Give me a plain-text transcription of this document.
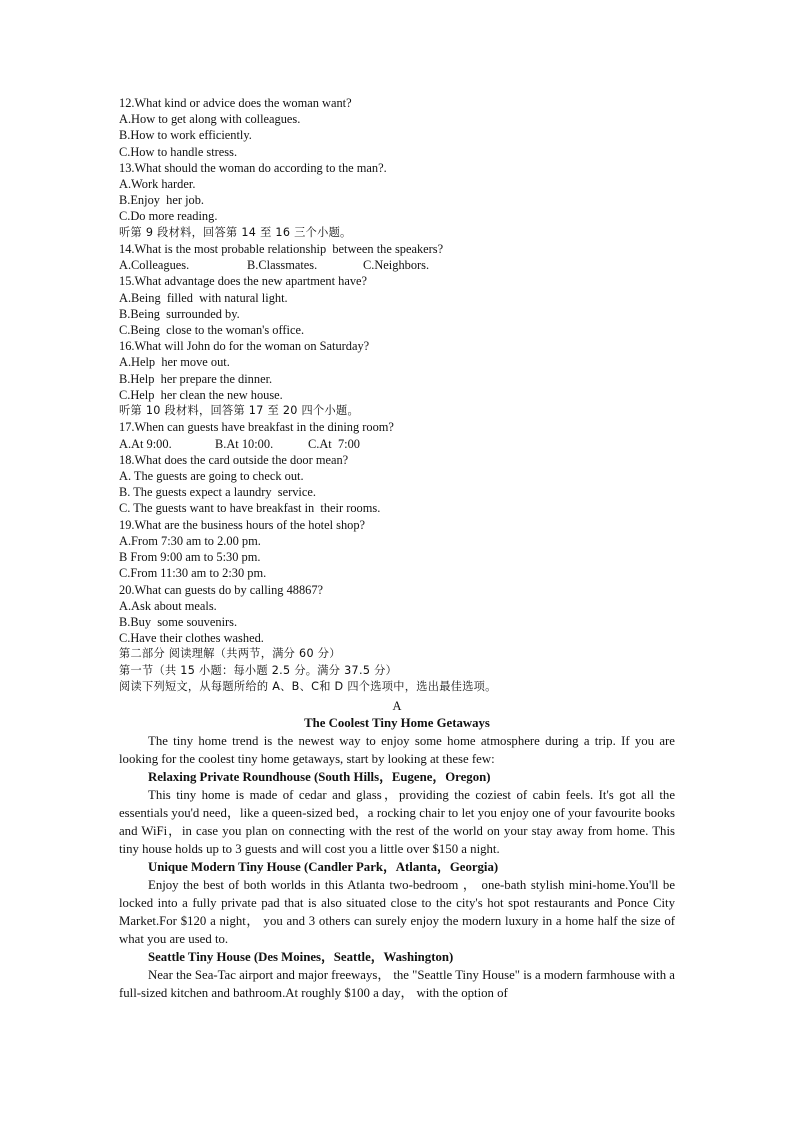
12.What kind or advice does the woman want?
A.How to get along with colleagues.
B.How to work efficiently.
C.How to handle stress.
13.What should the woman do according to the man?.
A.Work harder.
B.Enjoy  her job.
C.Do more reading.
听第 9 段材料，回答第 14 至 16 三个小题。
14.What is the most probable relationship  between the speakers?
A.Colleagues.	B.Classmates.	C.Neighbors.
15.What advantage does the new apartment have?
A.Being  filled  with natural light.
B.Being  surrounded by.
C.Being  close to the woman's office.
16.What will John do for the woman on Saturday?
A.Help  her move out.
B.Help  her prepare the dinner.
C.Help  her clean the new house.
听第 10 段材料，回答第 17 至 20 四个小题。
17.When can guests have breakfast in the dining room?
A.At 9:00.	B.At 10:00.	C.At  7:00
18.What does the card outside the door mean?
A. The guests are going to check out.
B. The guests expect a laundry  service.
C. The guests want to have breakfast in  their rooms.
19.What are the business hours of the hotel shop?
A.From 7:30 am to 2.00 pm.
B From 9:00 am to 5:30 pm.
C.From 11:30 am to 2:30 pm.
20.What can guests do by calling 48867?
A.Ask about meals.
B.Buy  some souvenirs.
C.Have their clothes washed.
第二部分 阅读理解（共两节，满分 60 分）
第一节（共 15 小题：每小题 2.5 分。满分 37.5 分）
阅读下列短文，从每题所给的 A、B、C和 D 四个选项中，选出最佳选项。
A
The Coolest Tiny Home Getaways
The tiny home trend is the newest way to enjoy some home atmosphere during a trip. If you are looking for the coolest tiny home getaways, start by looking at these few:
Relaxing Private Roundhouse (South Hills，Eugene，Oregon)
This tiny home is made of cedar and glass，providing the coziest of cabin feels. It's got all the essentials you'd need，like a queen-sized bed，a rocking chair to let you enjoy one of your favourite books and WiFi，in case you plan on connecting with the rest of the world on your stay away from home. This tiny house holds up to 3 guests and will cost you a little over $150 a night.
Unique Modern Tiny House (Candler Park，Atlanta，Georgia)
Enjoy the best of both worlds in this Atlanta two-bedroom ， one-bath stylish mini-home.You'll be locked into a fully private pad that is also situated close to the city's hot spot restaurants and Ponce City Market.For $120 a night， you and 3 others can surely enjoy the modern luxury in a home half the size of what you are used to.
Seattle Tiny House (Des Moines，Seattle，Washington)
Near the Sea-Tac airport and major freeways， the "Seattle Tiny House" is a modern farmhouse with a full-sized kitchen and bathroom.At roughly $100 a day， with the option of
